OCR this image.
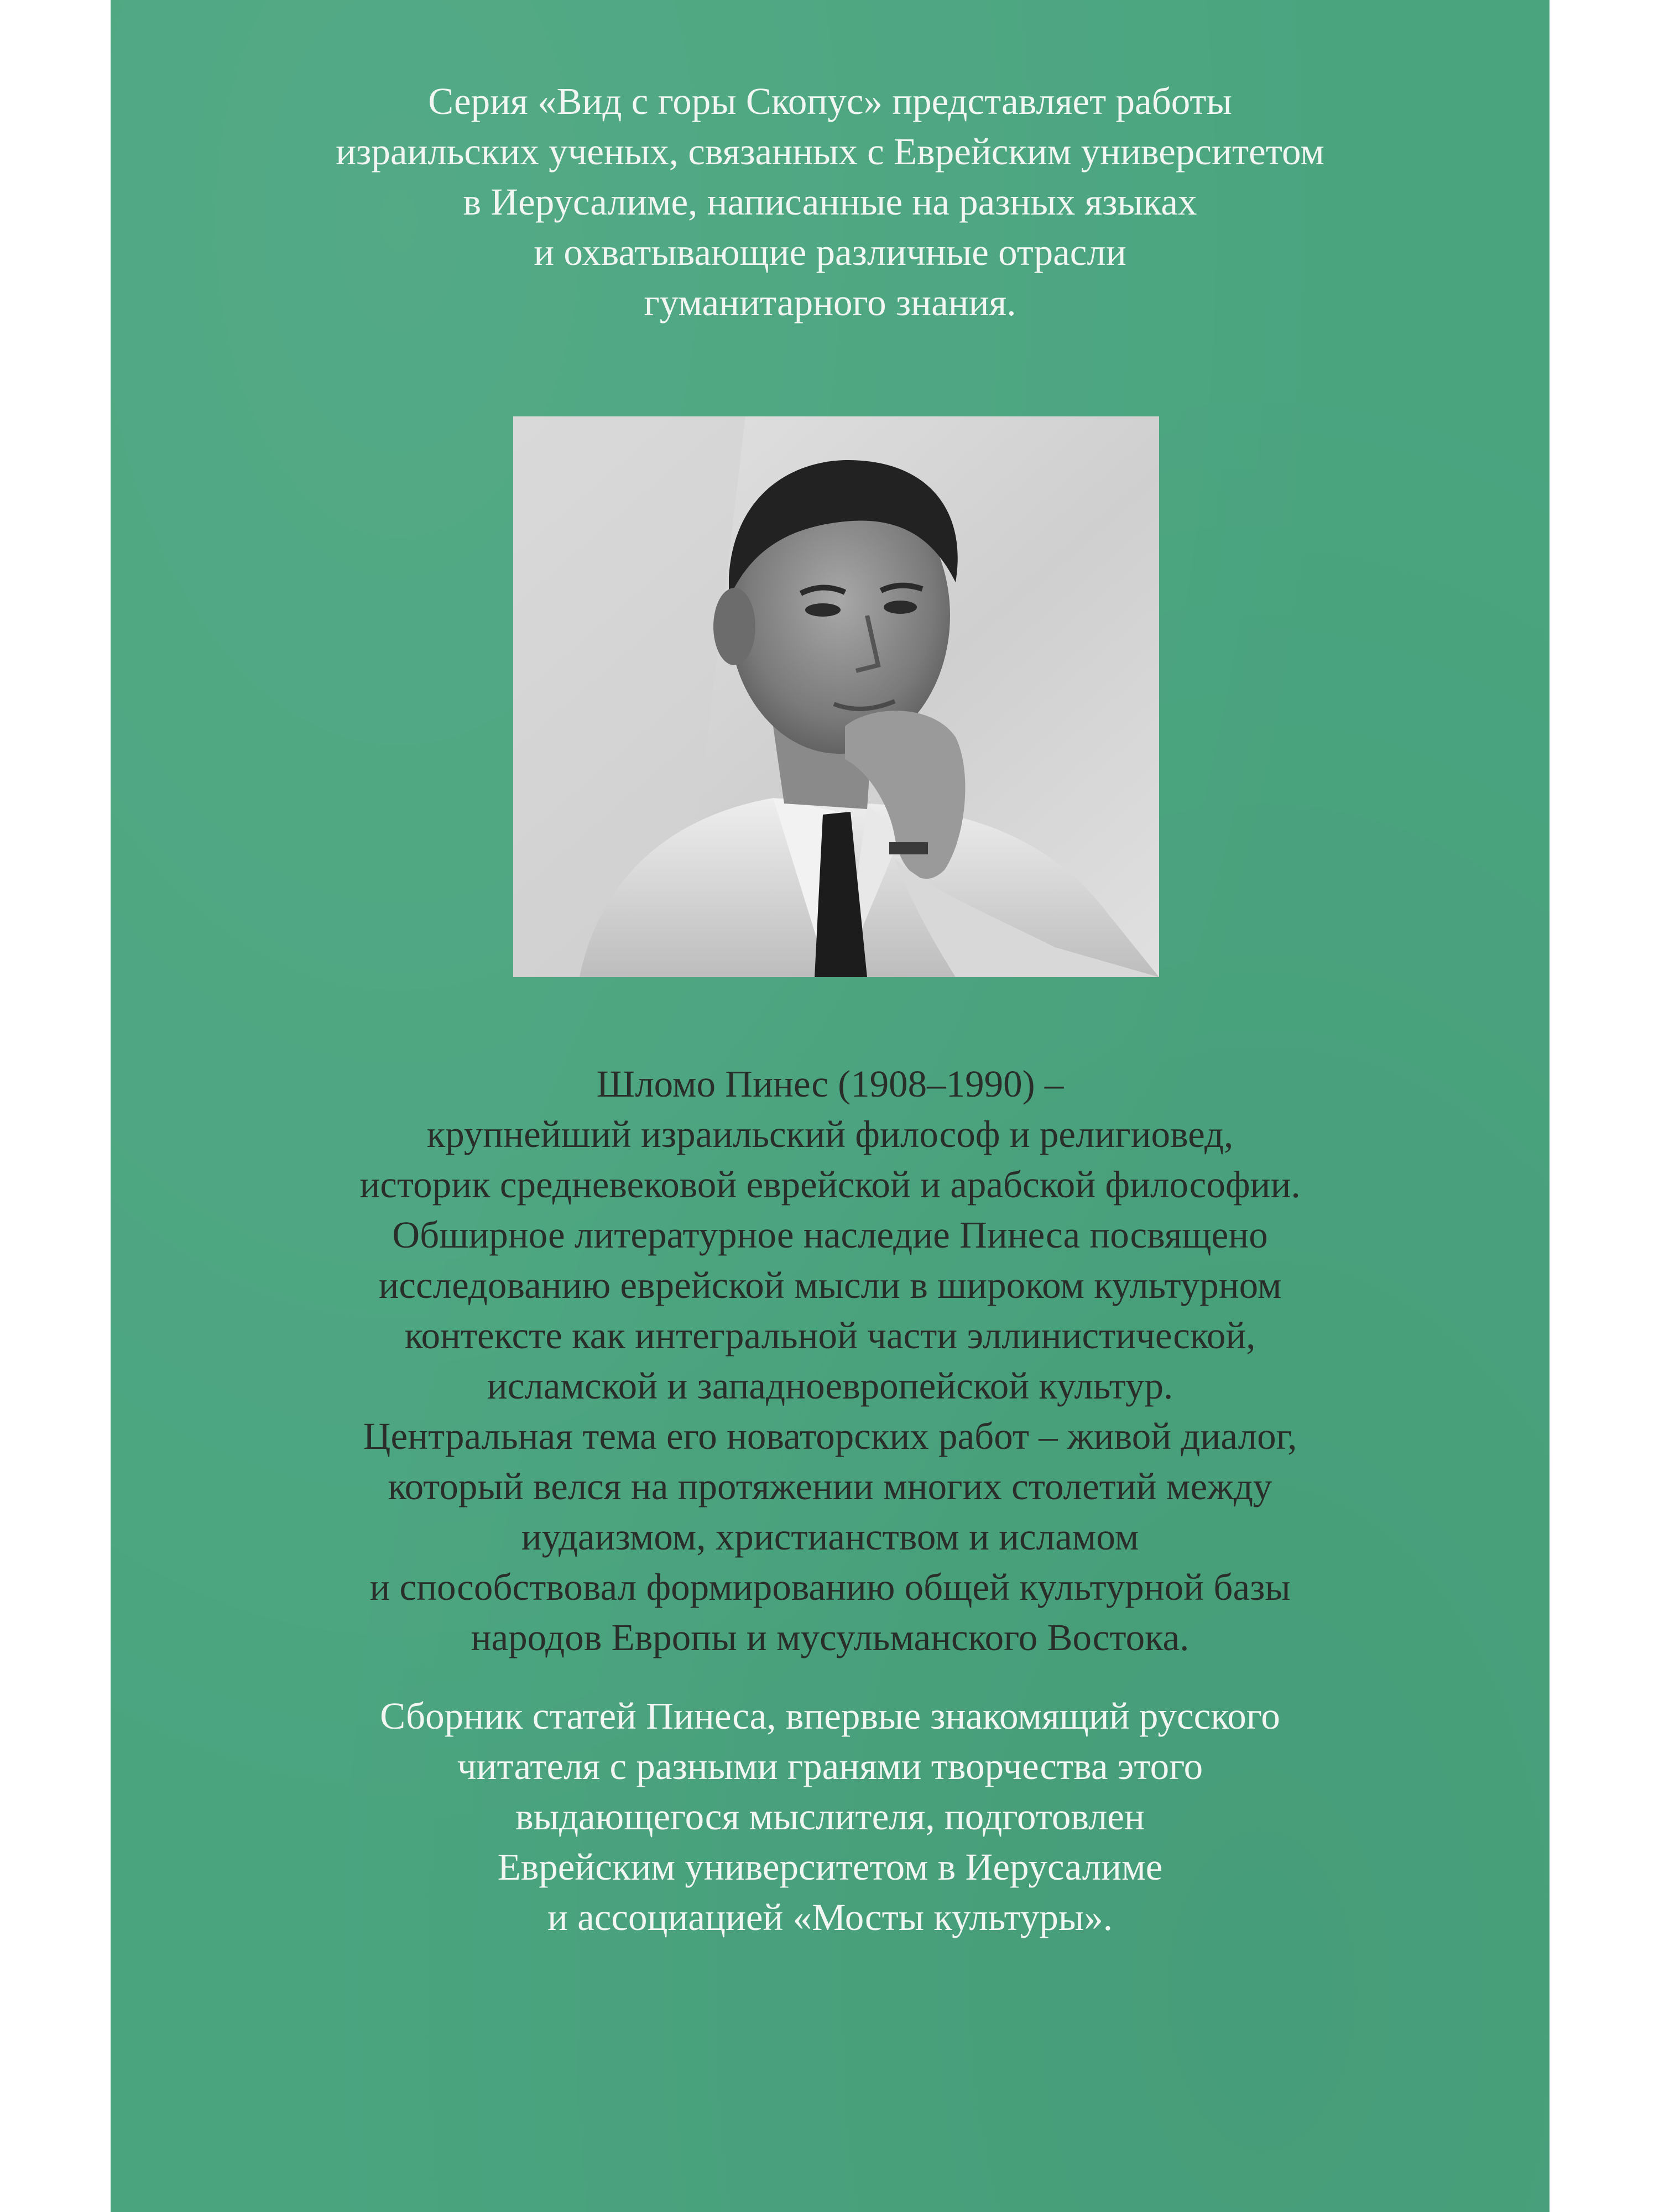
Серия «Вид с горы Скопус» представляет работы
израильских ученых, связанных с Еврейским университетом
в Иерусалиме, написанные на разных языках
и охватывающие различные отрасли
гуманитарного знания.
Шломо Пинес (1908–1990) –
крупнейший израильский философ и религиовед,
историк средневековой еврейской и арабской философии.
Обширное литературное наследие Пинеса посвящено
исследованию еврейской мысли в широком культурном
контексте как интегральной части эллинистической,
исламской и западноевропейской культур.
Центральная тема его новаторских работ – живой диалог,
который велся на протяжении многих столетий между
иудаизмом, христианством и исламом
и способствовал формированию общей культурной базы
народов Европы и мусульманского Востока.
Сборник статей Пинеса, впервые знакомящий русского
читателя с разными гранями творчества этого
выдающегося мыслителя, подготовлен
Еврейским университетом в Иерусалиме
и ассоциацией «Мосты культуры».
